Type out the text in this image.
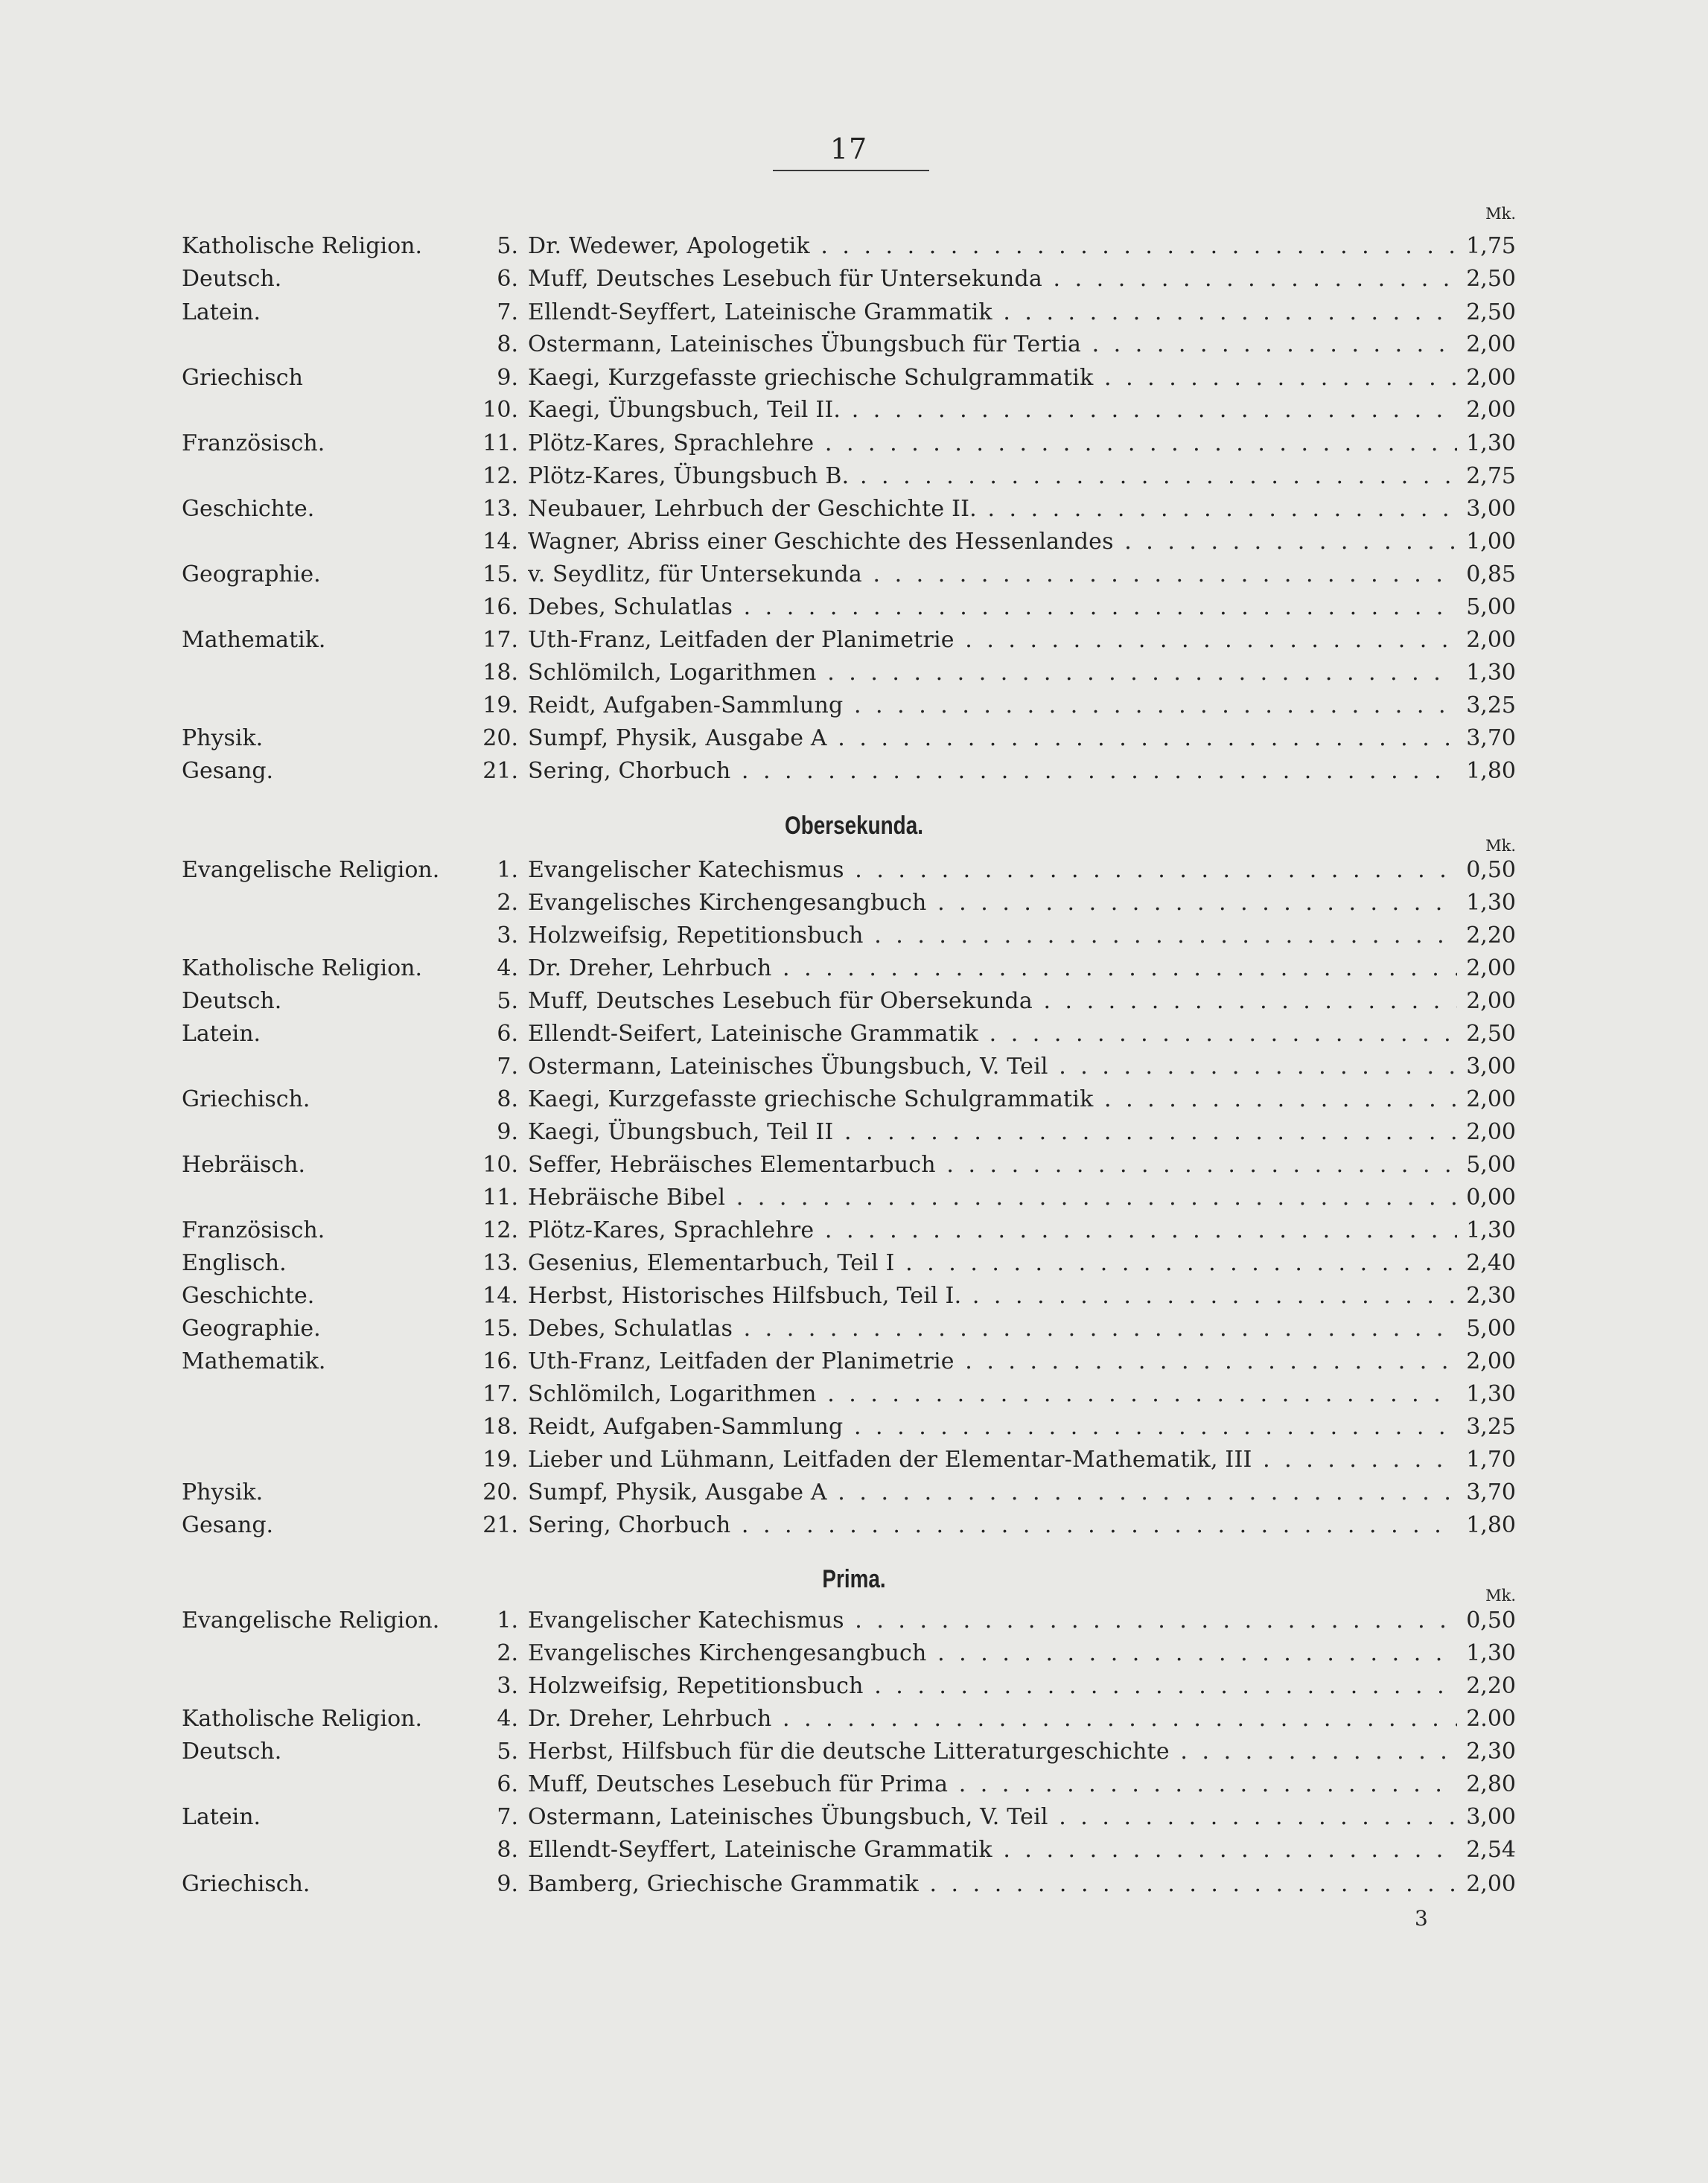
17
Mk.
Katholische Religion.	5. Dr. Wedewer, Apologetik . . .	1,75
Deutsch.	6. Muff, Deutsches Lesebuch für Untersekunda . . .	2,50
Latein.	7. Ellendt-Seyffert, Lateinische Grammatik . . .	2,50
8. Ostermann, Lateinisches Übungsbuch für Tertia . . .	2,00
Griechisch	9. Kaegi, Kurzgefasste griechische Schulgrammatik . . .	2,00
10. Kaegi, Übungsbuch, Teil II. . . .	2,00
Französisch.	11. Plötz-Kares, Sprachlehre . . .	1,30
12. Plötz-Kares, Übungsbuch B. . . .	2,75
Geschichte.	13. Neubauer, Lehrbuch der Geschichte II. . . .	3,00
14. Wagner, Abriss einer Geschichte des Hessenlandes . . .	1,00
Geographie.	15. v. Seydlitz, für Untersekunda . . .	0,85
16. Debes, Schulatlas . . .	5,00
Mathematik.	17. Uth-Franz, Leitfaden der Planimetrie . . .	2,00
18. Schlömilch, Logarithmen . . .	1,30
19. Reidt, Aufgaben-Sammlung . . .	3,25
Physik.	20. Sumpf, Physik, Ausgabe A . . .	3,70
Gesang.	21. Sering, Chorbuch . . .	1,80
Obersekunda.
Mk.
Evangelische Religion.	1. Evangelischer Katechismus . . .	0,50
2. Evangelisches Kirchengesangbuch . . .	1,30
3. Holzweifsig, Repetitionsbuch . . .	2,20
Katholische Religion.	4. Dr. Dreher, Lehrbuch . . .	2,00
Deutsch.	5. Muff, Deutsches Lesebuch für Obersekunda . . .	2,00
Latein.	6. Ellendt-Seifert, Lateinische Grammatik . . .	2,50
7. Ostermann, Lateinisches Übungsbuch, V. Teil . . .	3,00
Griechisch.	8. Kaegi, Kurzgefasste griechische Schulgrammatik . . .	2,00
9. Kaegi, Übungsbuch, Teil II . . .	2,00
Hebräisch.	10. Seffer, Hebräisches Elementarbuch . . .	5,00
11. Hebräische Bibel . . .	0,00
Französisch.	12. Plötz-Kares, Sprachlehre . . .	1,30
Englisch.	13. Gesenius, Elementarbuch, Teil I . . .	2,40
Geschichte.	14. Herbst, Historisches Hilfsbuch, Teil I. . . .	2,30
Geographie.	15. Debes, Schulatlas . . .	5,00
Mathematik.	16. Uth-Franz, Leitfaden der Planimetrie . . .	2,00
17. Schlömilch, Logarithmen . . .	1,30
18. Reidt, Aufgaben-Sammlung . . .	3,25
19. Lieber und Lühmann, Leitfaden der Elementar-Mathematik, III . . .	1,70
Physik.	20. Sumpf, Physik, Ausgabe A . . .	3,70
Gesang.	21. Sering, Chorbuch . . .	1,80
Prima.
Mk.
Evangelische Religion.	1. Evangelischer Katechismus . . .	0,50
2. Evangelisches Kirchengesangbuch . . .	1,30
3. Holzweifsig, Repetitionsbuch . . .	2,20
Katholische Religion.	4. Dr. Dreher, Lehrbuch . . .	2.00
Deutsch.	5. Herbst, Hilfsbuch für die deutsche Litteraturgeschichte . . .	2,30
6. Muff, Deutsches Lesebuch für Prima . . .	2,80
Latein.	7. Ostermann, Lateinisches Übungsbuch, V. Teil . . .	3,00
8. Ellendt-Seyffert, Lateinische Grammatik . . .	2,54
Griechisch.	9. Bamberg, Griechische Grammatik . . .	2,00
3
